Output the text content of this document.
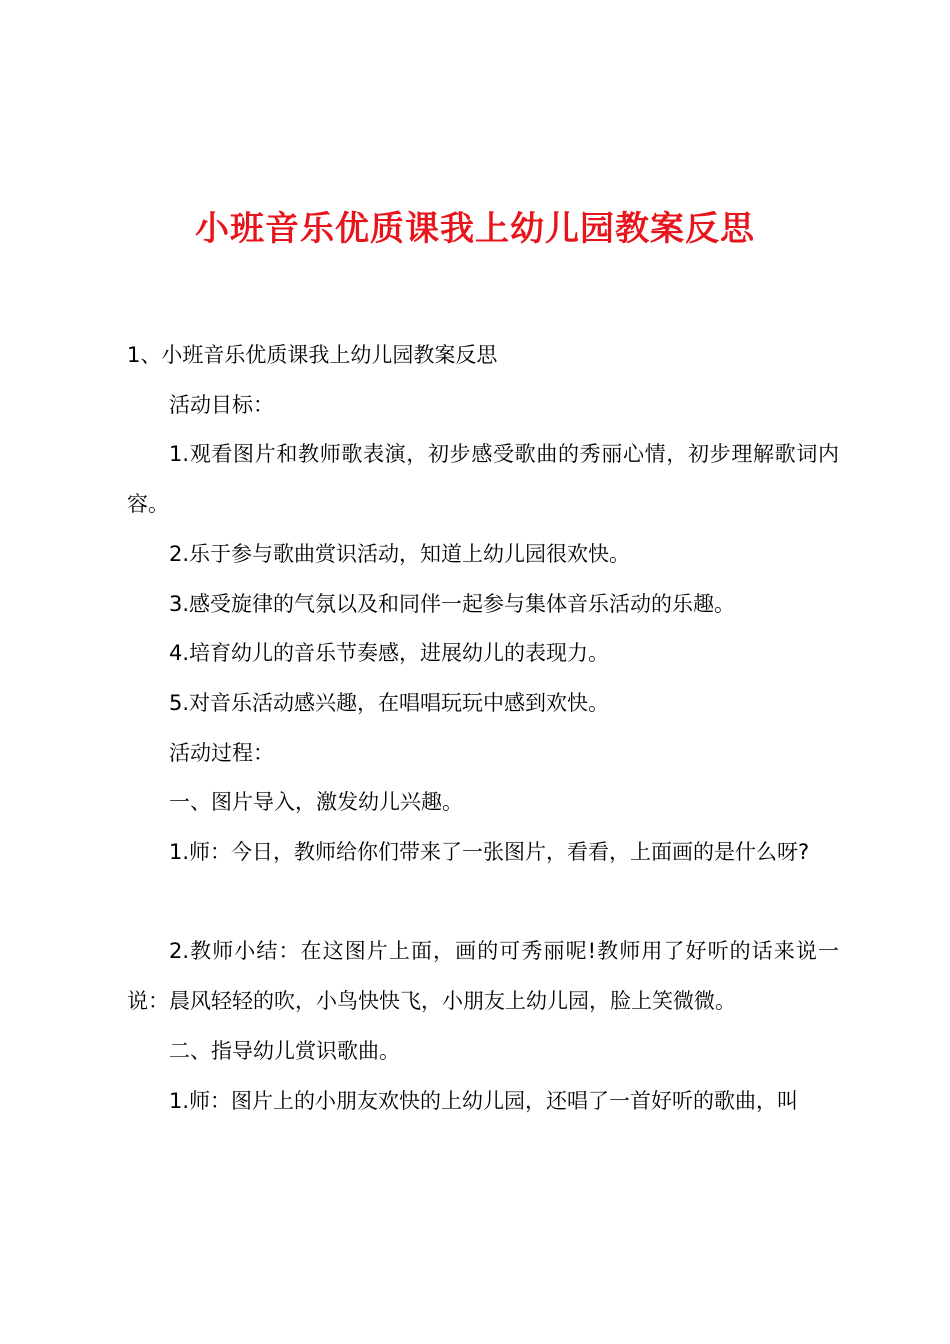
小班音乐优质课我上幼儿园教案反思

1、小班音乐优质课我上幼儿园教案反思

活动目标：

1.观看图片和教师歌表演，初步感受歌曲的秀丽心情，初步理解歌词内容。

2.乐于参与歌曲赏识活动，知道上幼儿园很欢快。

3.感受旋律的气氛以及和同伴一起参与集体音乐活动的乐趣。

4.培育幼儿的音乐节奏感，进展幼儿的表现力。

5.对音乐活动感兴趣，在唱唱玩玩中感到欢快。

活动过程：

一、图片导入，激发幼儿兴趣。

1.师：今日，教师给你们带来了一张图片，看看，上面画的是什么呀?

2.教师小结：在这图片上面，画的可秀丽呢!教师用了好听的话来说一说：晨风轻轻的吹，小鸟快快飞，小朋友上幼儿园，脸上笑微微。

二、指导幼儿赏识歌曲。

1.师：图片上的小朋友欢快的上幼儿园，还唱了一首好听的歌曲，叫
